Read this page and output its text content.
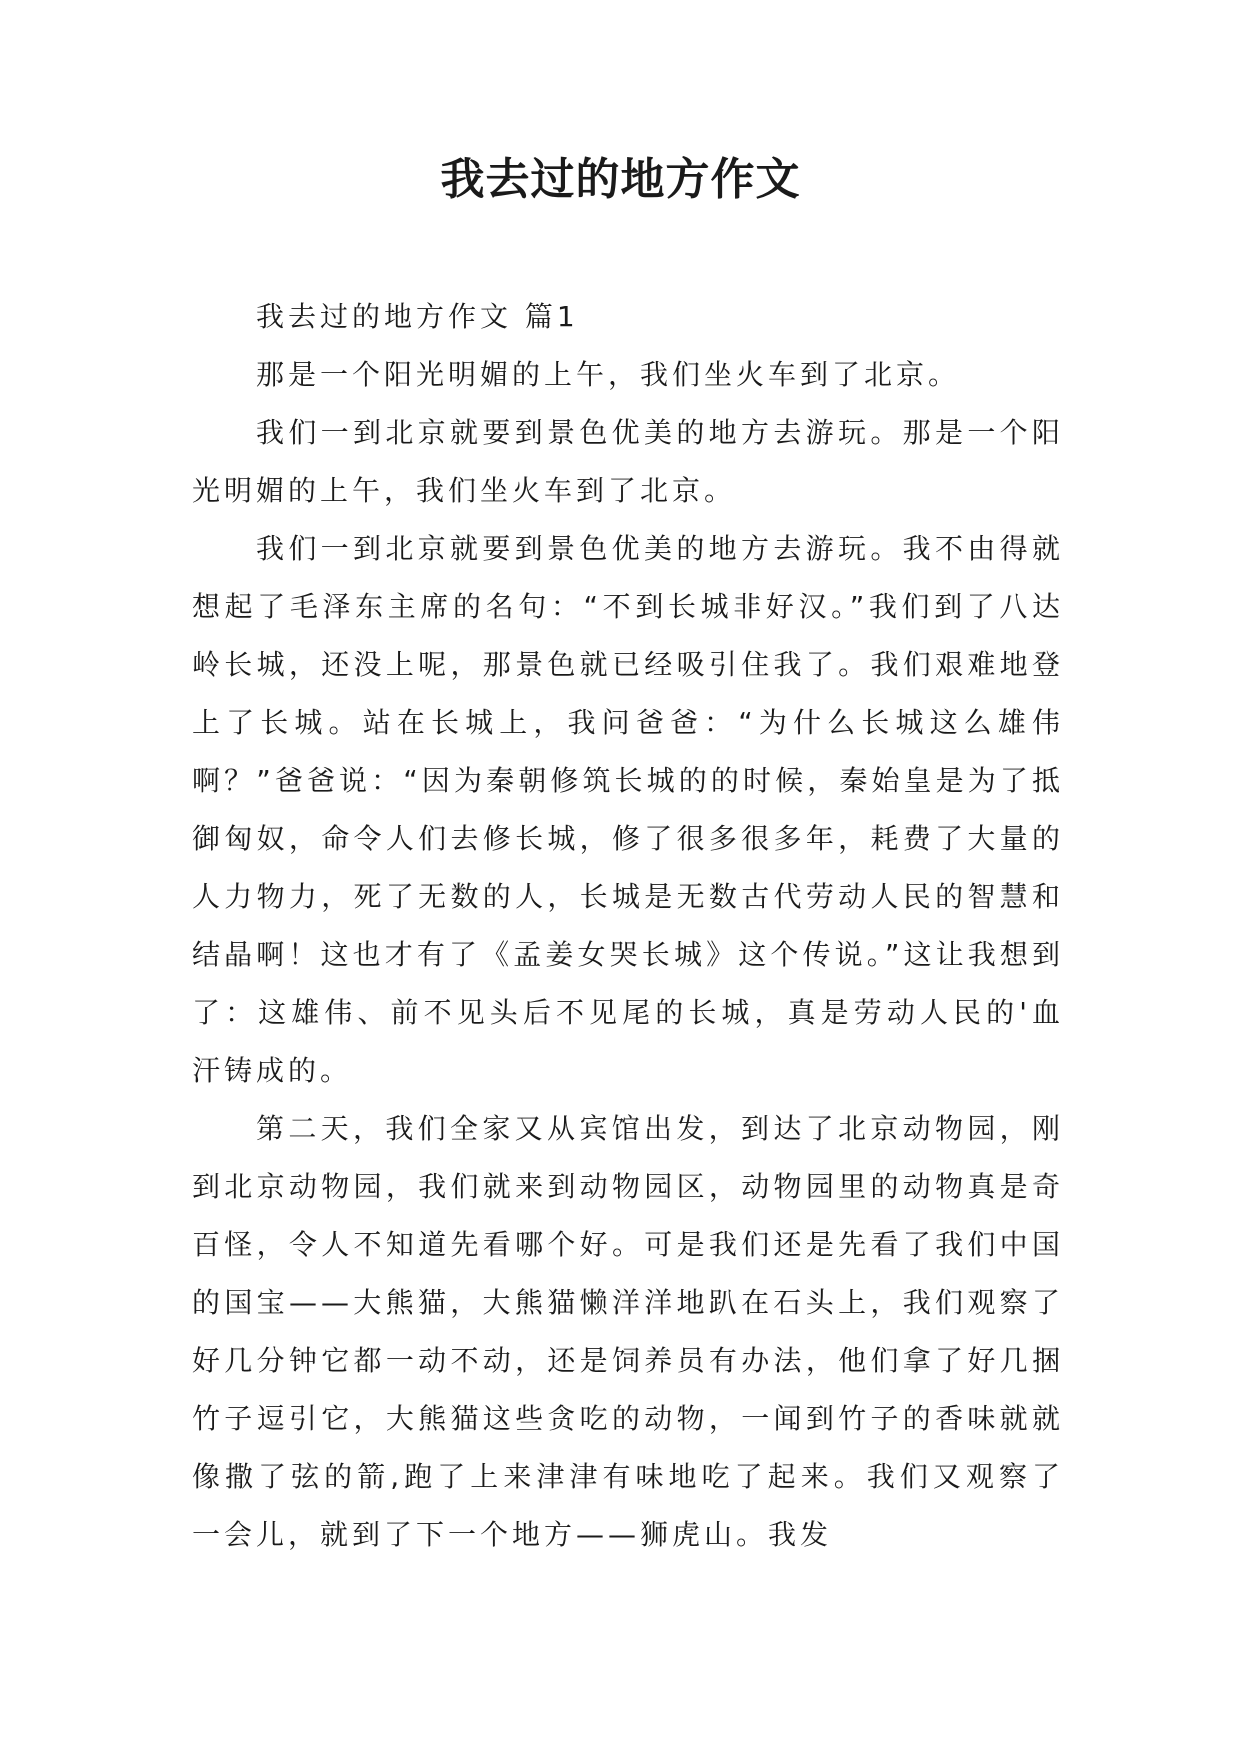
我去过的地方作文

我去过的地方作文 篇1

那是一个阳光明媚的上午，我们坐火车到了北京。

我们一到北京就要到景色优美的地方去游玩。那是一个阳光明媚的上午，我们坐火车到了北京。

我们一到北京就要到景色优美的地方去游玩。我不由得就想起了毛泽东主席的名句：“不到长城非好汉。”我们到了八达岭长城，还没上呢，那景色就已经吸引住我了。我们艰难地登上了长城。站在长城上，我问爸爸：“为什么长城这么雄伟啊？”爸爸说：“因为秦朝修筑长城的的时候，秦始皇是为了抵御匈奴，命令人们去修长城，修了很多很多年，耗费了大量的人力物力，死了无数的人，长城是无数古代劳动人民的智慧和结晶啊！这也才有了《孟姜女哭长城》这个传说。”这让我想到了：这雄伟、前不见头后不见尾的长城，真是劳动人民的'血汗铸成的。

第二天，我们全家又从宾馆出发，到达了北京动物园，刚到北京动物园，我们就来到动物园区，动物园里的动物真是奇百怪，令人不知道先看哪个好。可是我们还是先看了我们中国的国宝——大熊猫，大熊猫懒洋洋地趴在石头上，我们观察了好几分钟它都一动不动，还是饲养员有办法，他们拿了好几捆竹子逗引它，大熊猫这些贪吃的动物，一闻到竹子的香味就就像撒了弦的箭,跑了上来津津有味地吃了起来。我们又观察了一会儿，就到了下一个地方——狮虎山。我发
